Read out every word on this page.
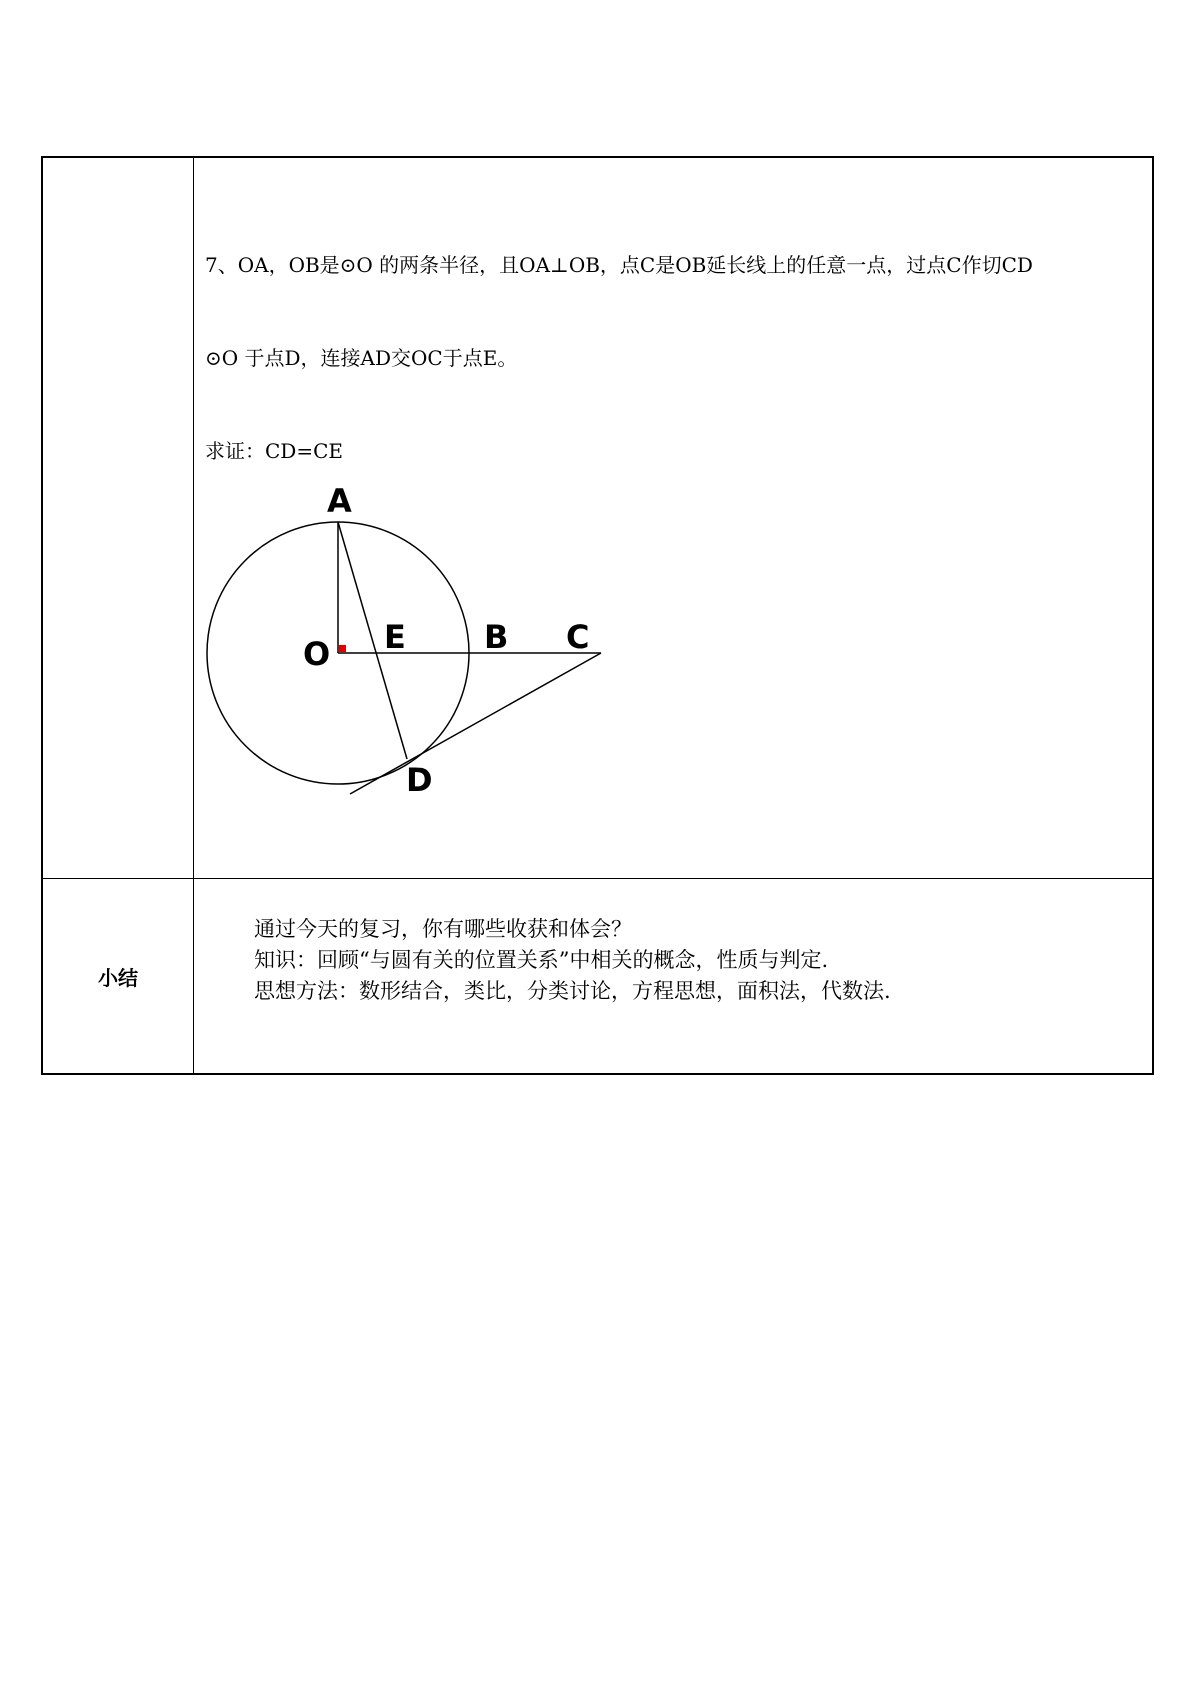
7、OA，OB是⊙O 的两条半径，且OA⊥OB，点C是OB延长线上的任意一点，过点C作切CD

⊙O 于点D，连接AD交OC于点E。

求证：CD=CE

A
O E B C
D
小结
通过今天的复习，你有哪些收获和体会？
知识：回顾“与圆有关的位置关系”中相关的概念，性质与判定.
思想方法：数形结合，类比，分类讨论，方程思想，面积法，代数法.
